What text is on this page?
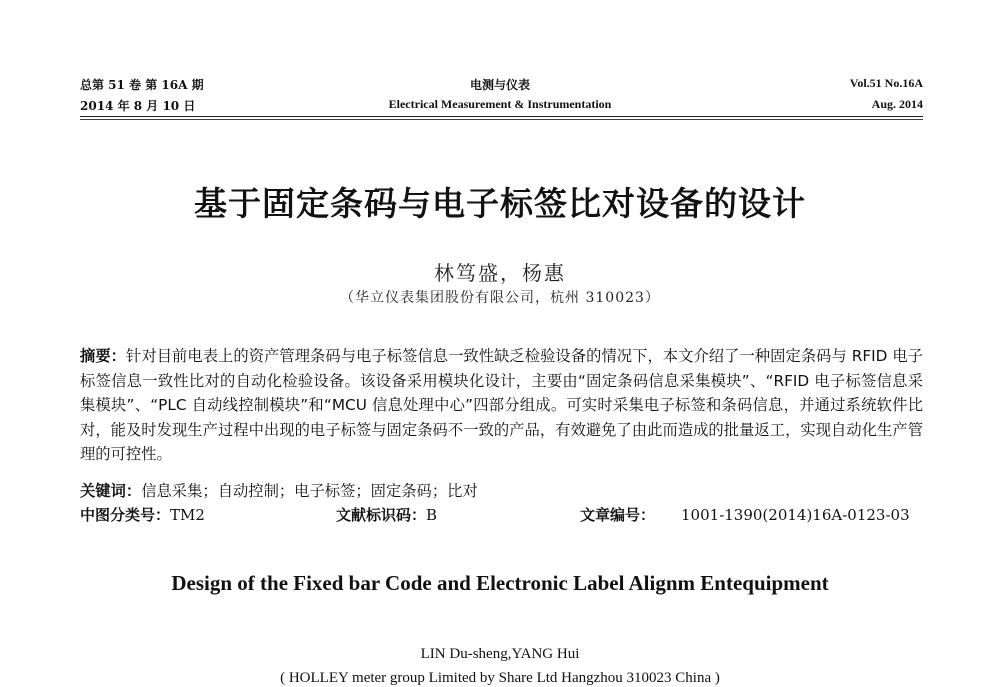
总第 51 卷 第 16A 期
2014 年 8 月 10 日
电测与仪表
Electrical Measurement & Instrumentation
Vol.51 No.16A
Aug. 2014
基于固定条码与电子标签比对设备的设计
林笃盛，杨惠
（华立仪表集团股份有限公司，杭州 310023）
摘要：针对目前电表上的资产管理条码与电子标签信息一致性缺乏检验设备的情况下，本文介绍了一种固定条码与 RFID 电子标签信息一致性比对的自动化检验设备。该设备采用模块化设计，主要由“固定条码信息采集模块”、“RFID 电子标签信息采集模块”、“PLC 自动线控制模块”和“MCU 信息处理中心”四部分组成。可实时采集电子标签和条码信息，并通过系统软件比对，能及时发现生产过程中出现的电子标签与固定条码不一致的产品，有效避免了由此而造成的批量返工，实现自动化生产管理的可控性。
关键词：信息采集；自动控制；电子标签；固定条码；比对
中图分类号：TM2	文献标识码：B	文章编号： 1001-1390(2014)16A-0123-03
Design of the Fixed bar Code and Electronic Label Alignm Entequipment
LIN Du-sheng,YANG Hui
( HOLLEY meter group Limited by Share Ltd Hangzhou 310023 China )
